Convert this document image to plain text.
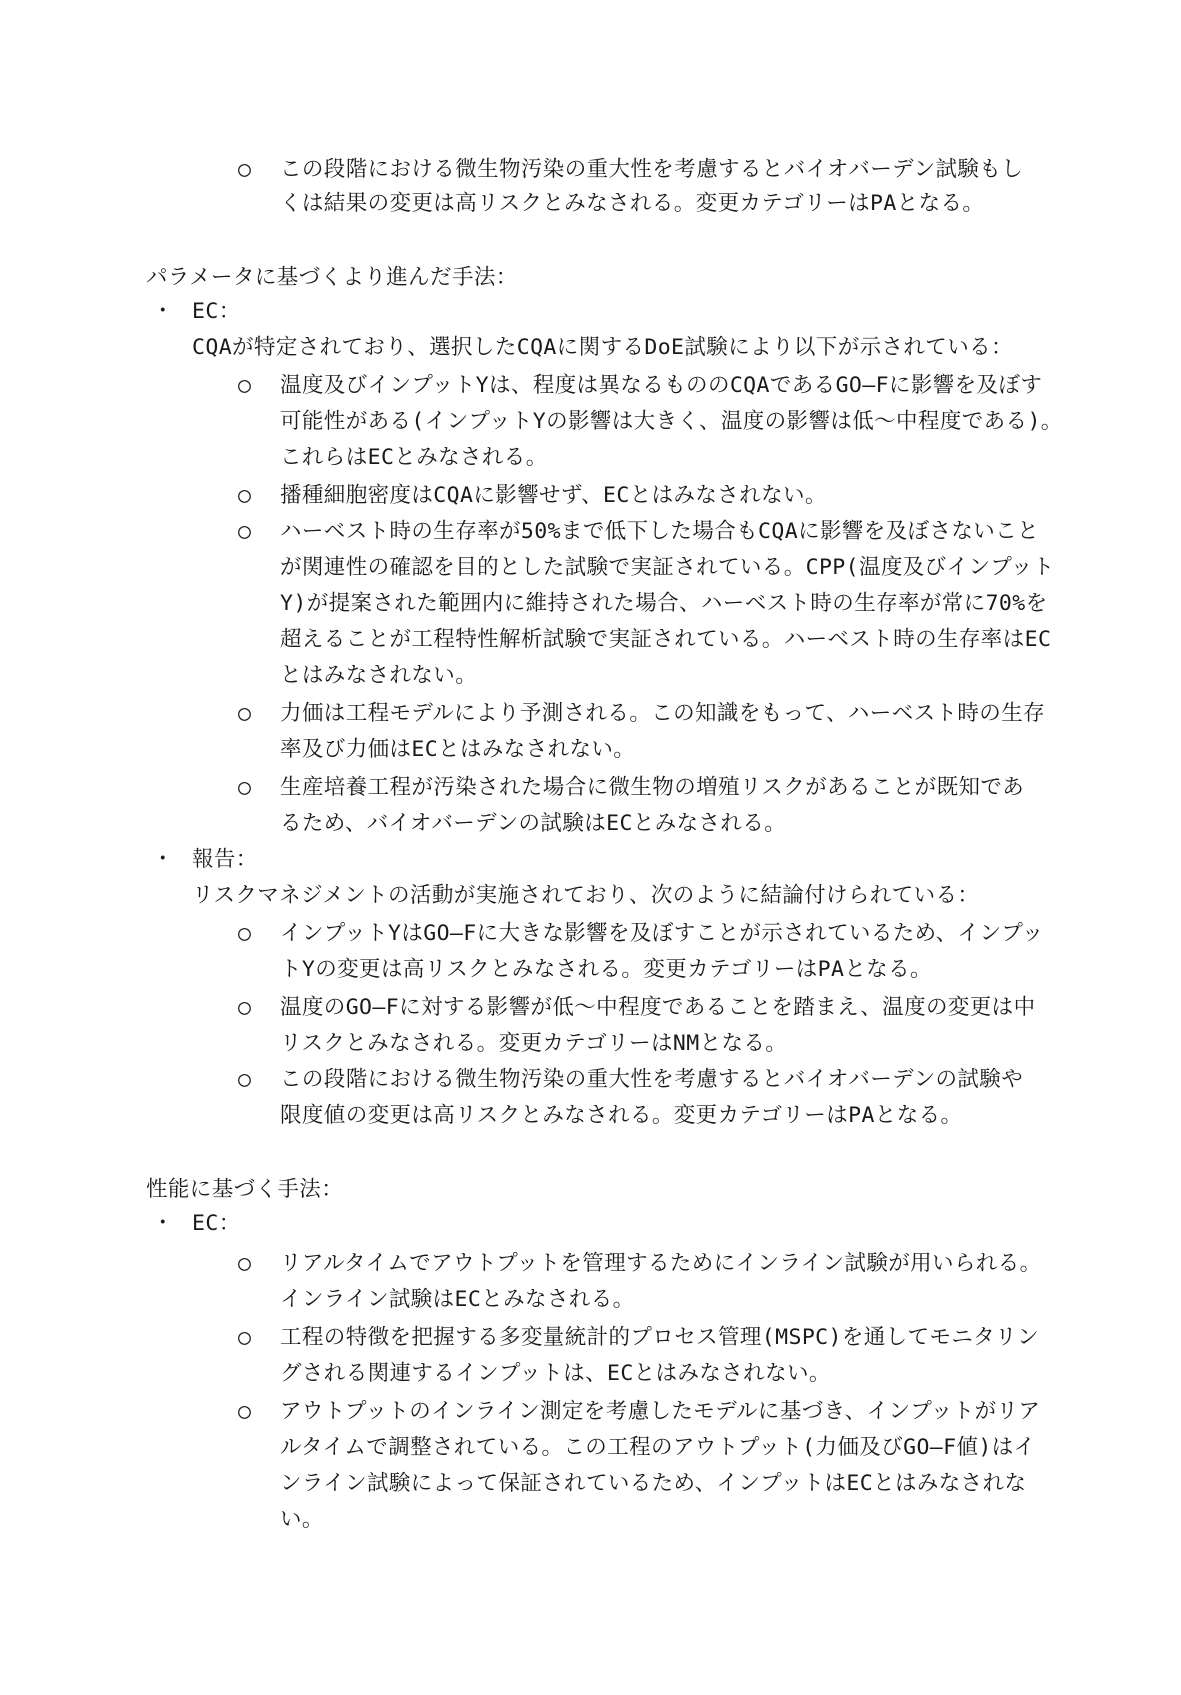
○ この段階における微生物汚染の重大性を考慮するとバイオバーデン試験もし
くは結果の変更は高リスクとみなされる。変更カテゴリーはPAとなる。
パラメータに基づくより進んだ手法：
・ EC：
CQAが特定されており、選択したCQAに関するDoE試験により以下が示されている：
○ 温度及びインプットYは、程度は異なるもののCQAであるGO—Fに影響を及ぼす
可能性がある(インプットYの影響は大きく、温度の影響は低～中程度である)。
これらはECとみなされる。
○ 播種細胞密度はCQAに影響せず、ECとはみなされない。
○ ハーベスト時の生存率が50%まで低下した場合もCQAに影響を及ぼさないこと
が関連性の確認を目的とした試験で実証されている。CPP(温度及びインプット
Y)が提案された範囲内に維持された場合、ハーベスト時の生存率が常に70%を
超えることが工程特性解析試験で実証されている。ハーベスト時の生存率はEC
とはみなされない。
○ 力価は工程モデルにより予測される。この知識をもって、ハーベスト時の生存
率及び力価はECとはみなされない。
○ 生産培養工程が汚染された場合に微生物の増殖リスクがあることが既知であ
るため、バイオバーデンの試験はECとみなされる。
・ 報告：
リスクマネジメントの活動が実施されており、次のように結論付けられている：
○ インプットYはGO—Fに大きな影響を及ぼすことが示されているため、インプッ
トYの変更は高リスクとみなされる。変更カテゴリーはPAとなる。
○ 温度のGO—Fに対する影響が低～中程度であることを踏まえ、温度の変更は中
リスクとみなされる。変更カテゴリーはNMとなる。
○ この段階における微生物汚染の重大性を考慮するとバイオバーデンの試験や
限度値の変更は高リスクとみなされる。変更カテゴリーはPAとなる。
性能に基づく手法：
・ EC：
○ リアルタイムでアウトプットを管理するためにインライン試験が用いられる。
インライン試験はECとみなされる。
○ 工程の特徴を把握する多変量統計的プロセス管理(MSPC)を通してモニタリン
グされる関連するインプットは、ECとはみなされない。
○ アウトプットのインライン測定を考慮したモデルに基づき、インプットがリア
ルタイムで調整されている。この工程のアウトプット(力価及びGO—F値)はイ
ンライン試験によって保証されているため、インプットはECとはみなされな
い。
